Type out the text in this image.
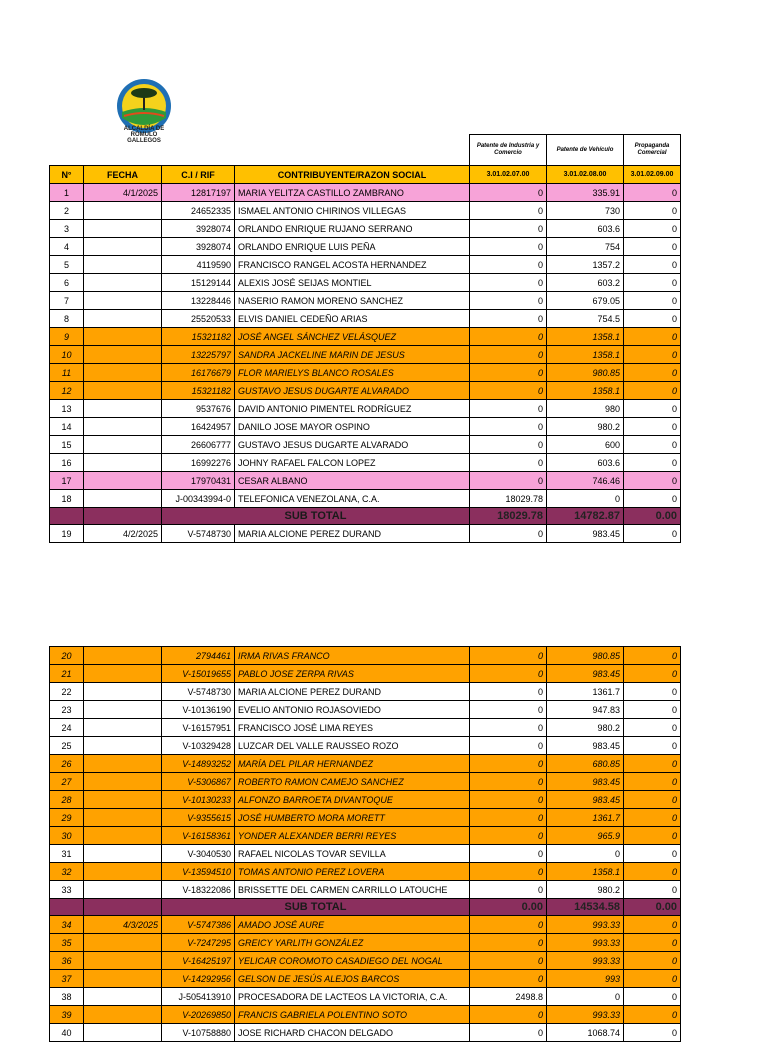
ALCALDÍA DE
RÓMULO
GALLEGOS
				Patente de Industria y Comercio	Patente de Vehículo	Propaganda Comercial
N°	FECHA	C.I / RIF	CONTRIBUYENTE/RAZON SOCIAL	3.01.02.07.00	3.01.02.08.00	3.01.02.09.00
1	4/1/2025	12817197	MARIA YELITZA CASTILLO ZAMBRANO	0	335.91	0
2		24652335	ISMAEL ANTONIO CHIRINOS VILLEGAS	0	730	0
3		3928074	ORLANDO ENRIQUE RUJANO SERRANO	0	603.6	0
4		3928074	ORLANDO ENRIQUE LUIS PEÑA	0	754	0
5		4119590	FRANCISCO RANGEL ACOSTA HERNANDEZ	0	1357.2	0
6		15129144	ALEXIS JOSÉ SEIJAS MONTIEL	0	603.2	0
7		13228446	NASERIO RAMON MORENO SANCHEZ	0	679.05	0
8		25520533	ELVIS DANIEL CEDEÑO ARIAS	0	754.5	0
9		15321182	JOSÉ ANGEL SÁNCHEZ VELÁSQUEZ	0	1358.1	0
10		13225797	SANDRA JACKELINE MARIN DE JESUS	0	1358.1	0
11		16176679	FLOR MARIELYS BLANCO ROSALES	0	980.85	0
12		15321182	GUSTAVO JESUS DUGARTE ALVARADO	0	1358.1	0
13		9537676	DAVID ANTONIO PIMENTEL RODRÍGUEZ	0	980	0
14		16424957	DANILO JOSE MAYOR OSPINO	0	980.2	0
15		26606777	GUSTAVO JESUS DUGARTE ALVARADO	0	600	0
16		16992276	JOHNY RAFAEL FALCON LOPEZ	0	603.6	0
17		17970431	CESAR ALBANO	0	746.46	0
18		J-00343994-0	TELEFONICA VENEZOLANA, C.A.	18029.78	0	0
		SUB TOTAL		18029.78	14782.87	0.00
19	4/2/2025	V-5748730	MARIA ALCIONE PEREZ DURAND	0	983.45	0
20		2794461	IRMA RIVAS FRANCO	0	980.85	0
21		V-15019655	PABLO JOSE ZERPA RIVAS	0	983.45	0
22		V-5748730	MARIA ALCIONE PEREZ DURAND	0	1361.7	0
23		V-10136190	EVELIO ANTONIO ROJASOVIEDO	0	947.83	0
24		V-16157951	FRANCISCO JOSÉ LIMA REYES	0	980.2	0
25		V-10329428	LUZCAR DEL VALLE RAUSSEO ROZO	0	983.45	0
26		V-14893252	MARÍA DEL PILAR HERNANDEZ	0	680.85	0
27		V-5306867	ROBERTO RAMON CAMEJO SANCHEZ	0	983.45	0
28		V-10130233	ALFONZO BARROETA DIVANTOQUE	0	983.45	0
29		V-9355615	JOSÉ HUMBERTO MORA MORETT	0	1361.7	0
30		V-16158361	YONDER ALEXANDER BERRI REYES	0	965.9	0
31		V-3040530	RAFAEL NICOLAS TOVAR SEVILLA	0	0	0
32		V-13594510	TOMAS ANTONIO PEREZ LOVERA	0	1358.1	0
33		V-18322086	BRISSETTE DEL CARMEN CARRILLO LATOUCHE	0	980.2	0
		SUB TOTAL		0.00	14534.58	0.00
34	4/3/2025	V-5747386	AMADO JOSÉ AURE	0	993.33	0
35		V-7247295	GREICY YARLITH GONZÁLEZ	0	993.33	0
36		V-16425197	YELICAR COROMOTO CASADIEGO DEL NOGAL	0	993.33	0
37		V-14292956	GELSON DE JESÚS ALEJOS BARCOS	0	993	0
38		J-505413910	PROCESADORA DE LACTEOS LA VICTORIA, C.A.	2498.8	0	0
39		V-20269850	FRANCIS GABRIELA POLENTINO SOTO	0	993.33	0
40		V-10758880	JOSE RICHARD CHACON DELGADO	0	1068.74	0
